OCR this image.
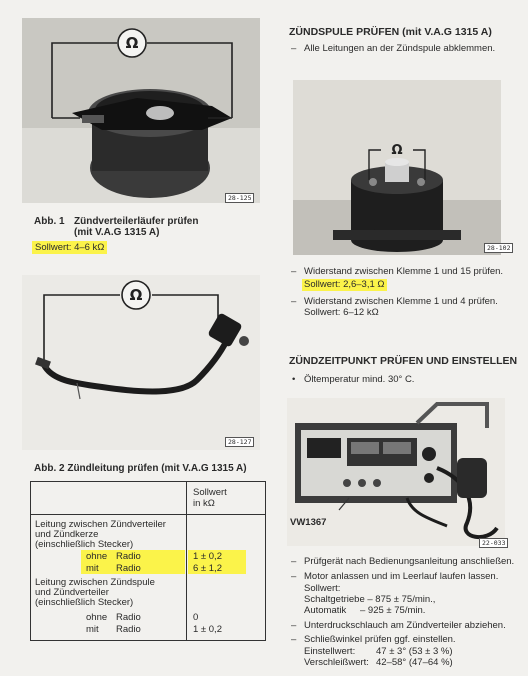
Ω
28-125
Abb. 1 Zündverteilerläufer prüfen
(mit V.A.G 1315 A)
Sollwert: 4–6 kΩ
Ω
28-127
Abb. 2 Zündleitung prüfen (mit V.A.G 1315 A)
Sollwert
in kΩ
Leitung zwischen Zündverteiler
und Zündkerze
(einschließlich Stecker)
ohne Radio	1 ± 0,2
mit Radio	6 ± 1,2
Leitung zwischen Zündspule
und Zündverteiler
(einschließlich Stecker)
ohne Radio	0
mit Radio	1 ± 0,2
ZÜNDSPULE PRÜFEN (mit V.A.G 1315 A)
– Alle Leitungen an der Zündspule abklemmen.
Ω
28-102
– Widerstand zwischen Klemme 1 und 15 prüfen.
Sollwert: 2,6–3,1 Ω
– Widerstand zwischen Klemme 1 und 4 prüfen.
Sollwert: 6–12 kΩ
ZÜNDZEITPUNKT PRÜFEN UND EINSTELLEN
• Öltemperatur mind. 30° C.
VW1367
22-033
– Prüfgerät nach Bedienungsanleitung anschließen.
– Motor anlassen und im Leerlauf laufen lassen.
Sollwert:
Schaltgetriebe – 875 ± 75/min.,
Automatik – 925 ± 75/min.
– Unterdruckschlauch am Zündverteiler abziehen.
– Schließwinkel prüfen ggf. einstellen.
Einstellwert: 47 ± 3° (53 ± 3 %)
Verschleißwert: 42–58° (47–64 %)
